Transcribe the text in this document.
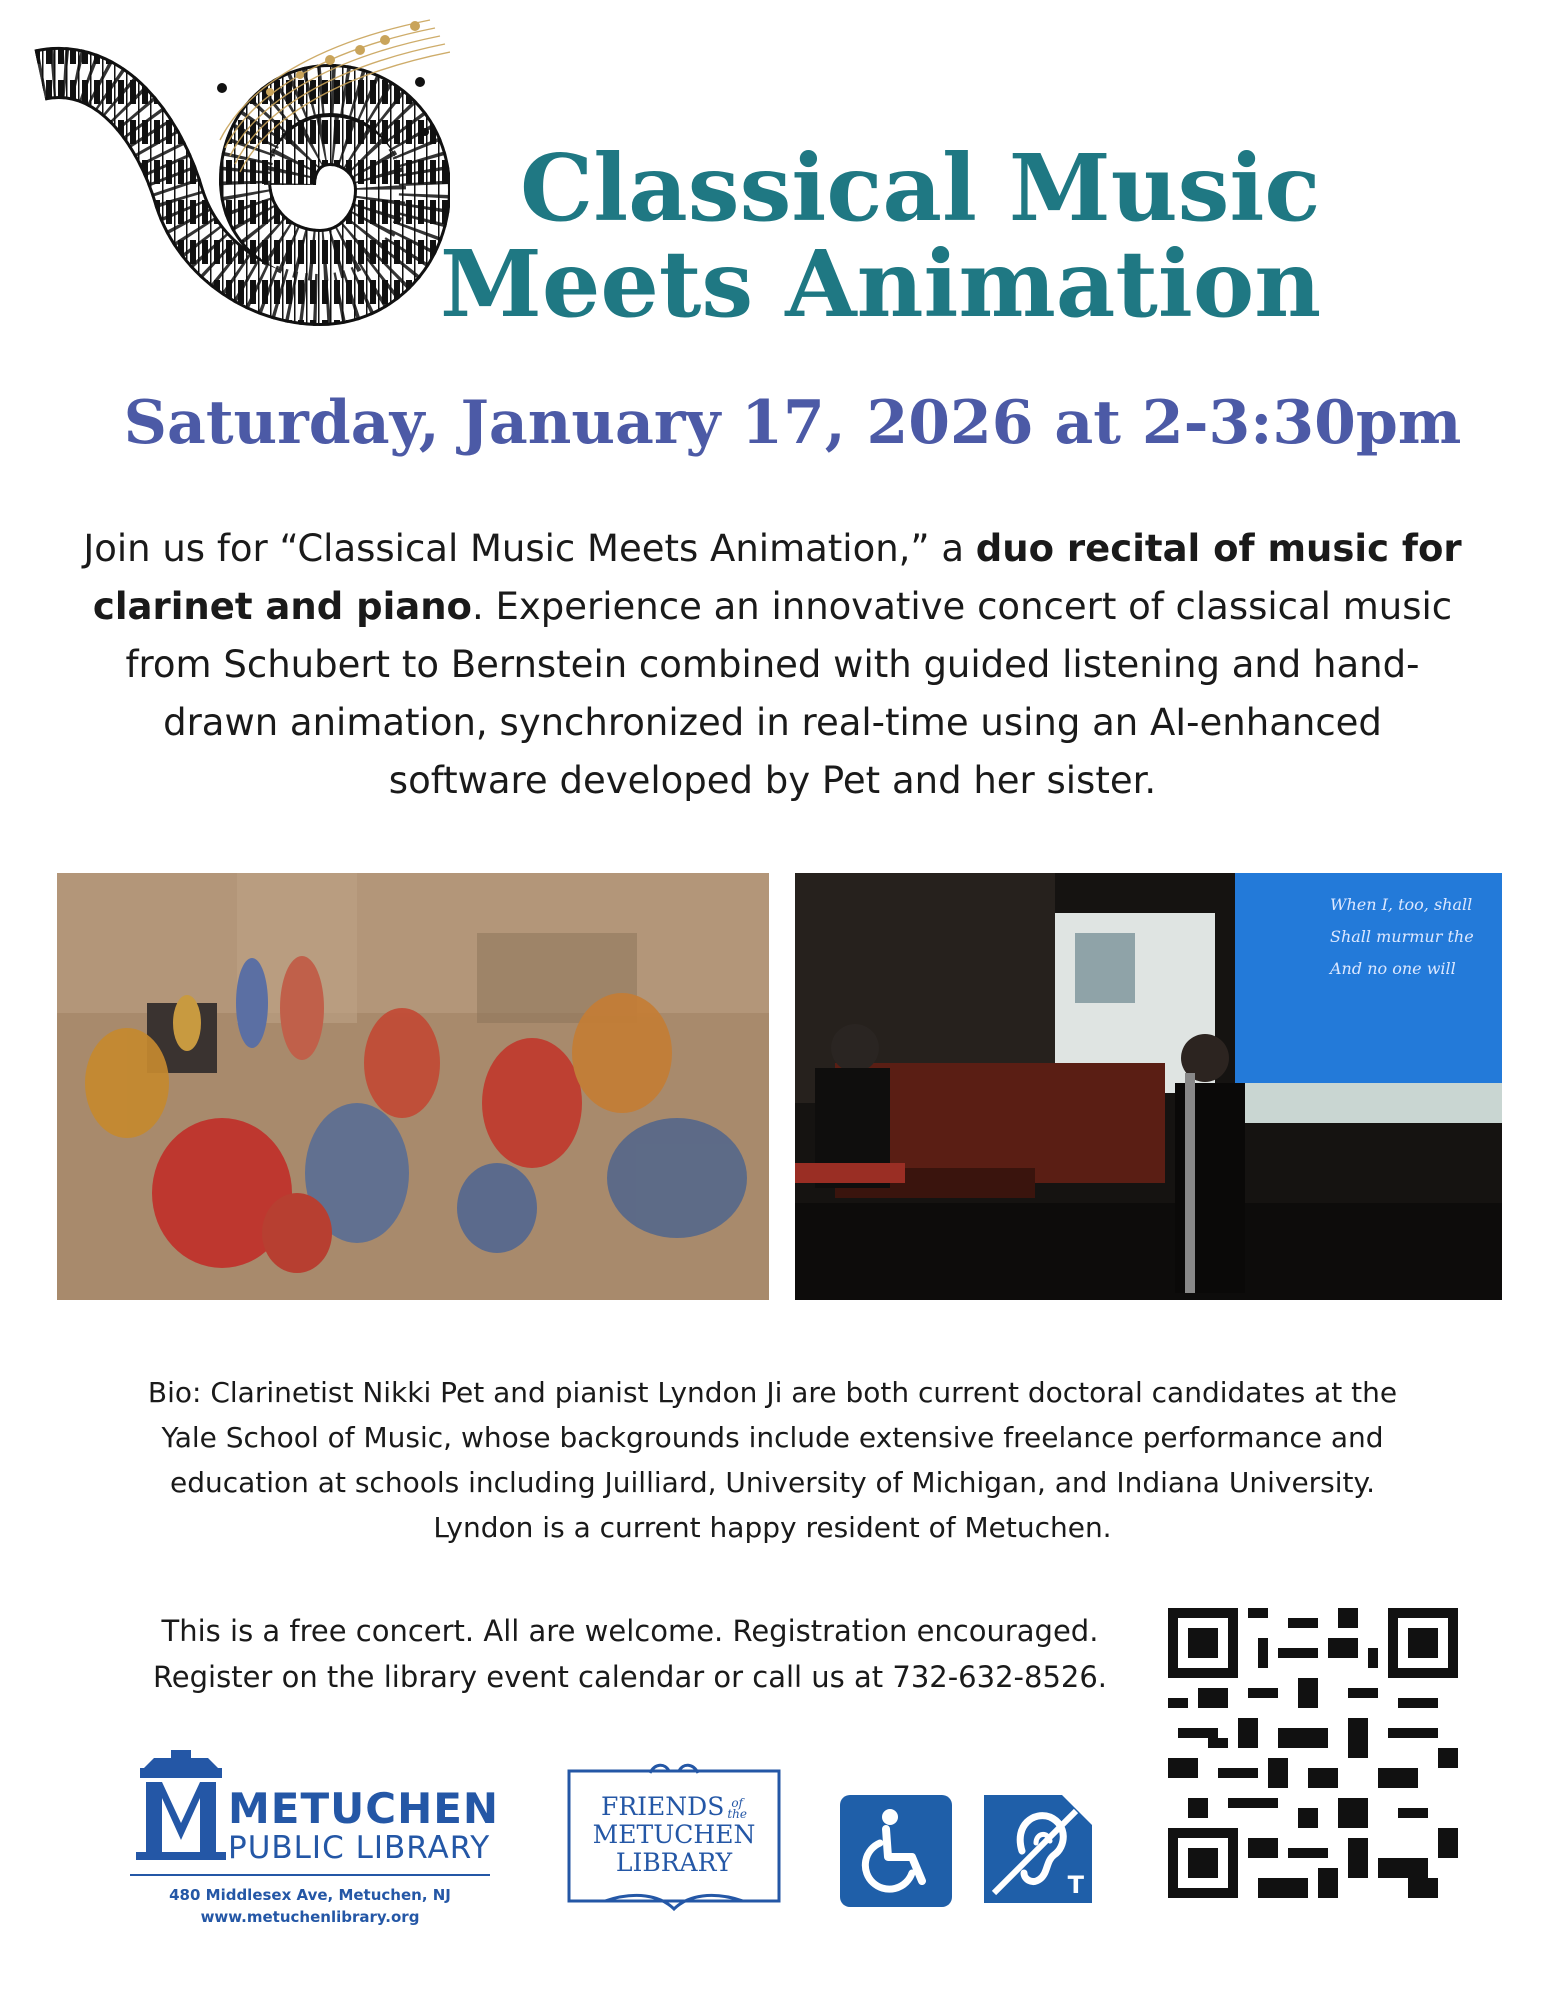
Classical Music
Meets Animation
Saturday, January 17, 2026 at 2-3:30pm
Join us for “Classical Music Meets Animation,” a duo recital of music for clarinet and piano. Experience an innovative concert of classical music from Schubert to Bernstein combined with guided listening and hand-drawn animation, synchronized in real-time using an AI-enhanced software developed by Pet and her sister.
When I, too, shall
Shall murmur the
And no one will
Bio: Clarinetist Nikki Pet and pianist Lyndon Ji are both current doctoral candidates at the
Yale School of Music, whose backgrounds include extensive freelance performance and
education at schools including Juilliard, University of Michigan, and Indiana University.
Lyndon is a current happy resident of Metuchen.
This is a free concert. All are welcome. Registration encouraged.
Register on the library event calendar or call us at 732-632-8526.
METUCHEN
PUBLIC LIBRARY
480 Middlesex Ave, Metuchen, NJ
www.metuchenlibrary.org
FRIENDS of
the
METUCHEN
LIBRARY
T
